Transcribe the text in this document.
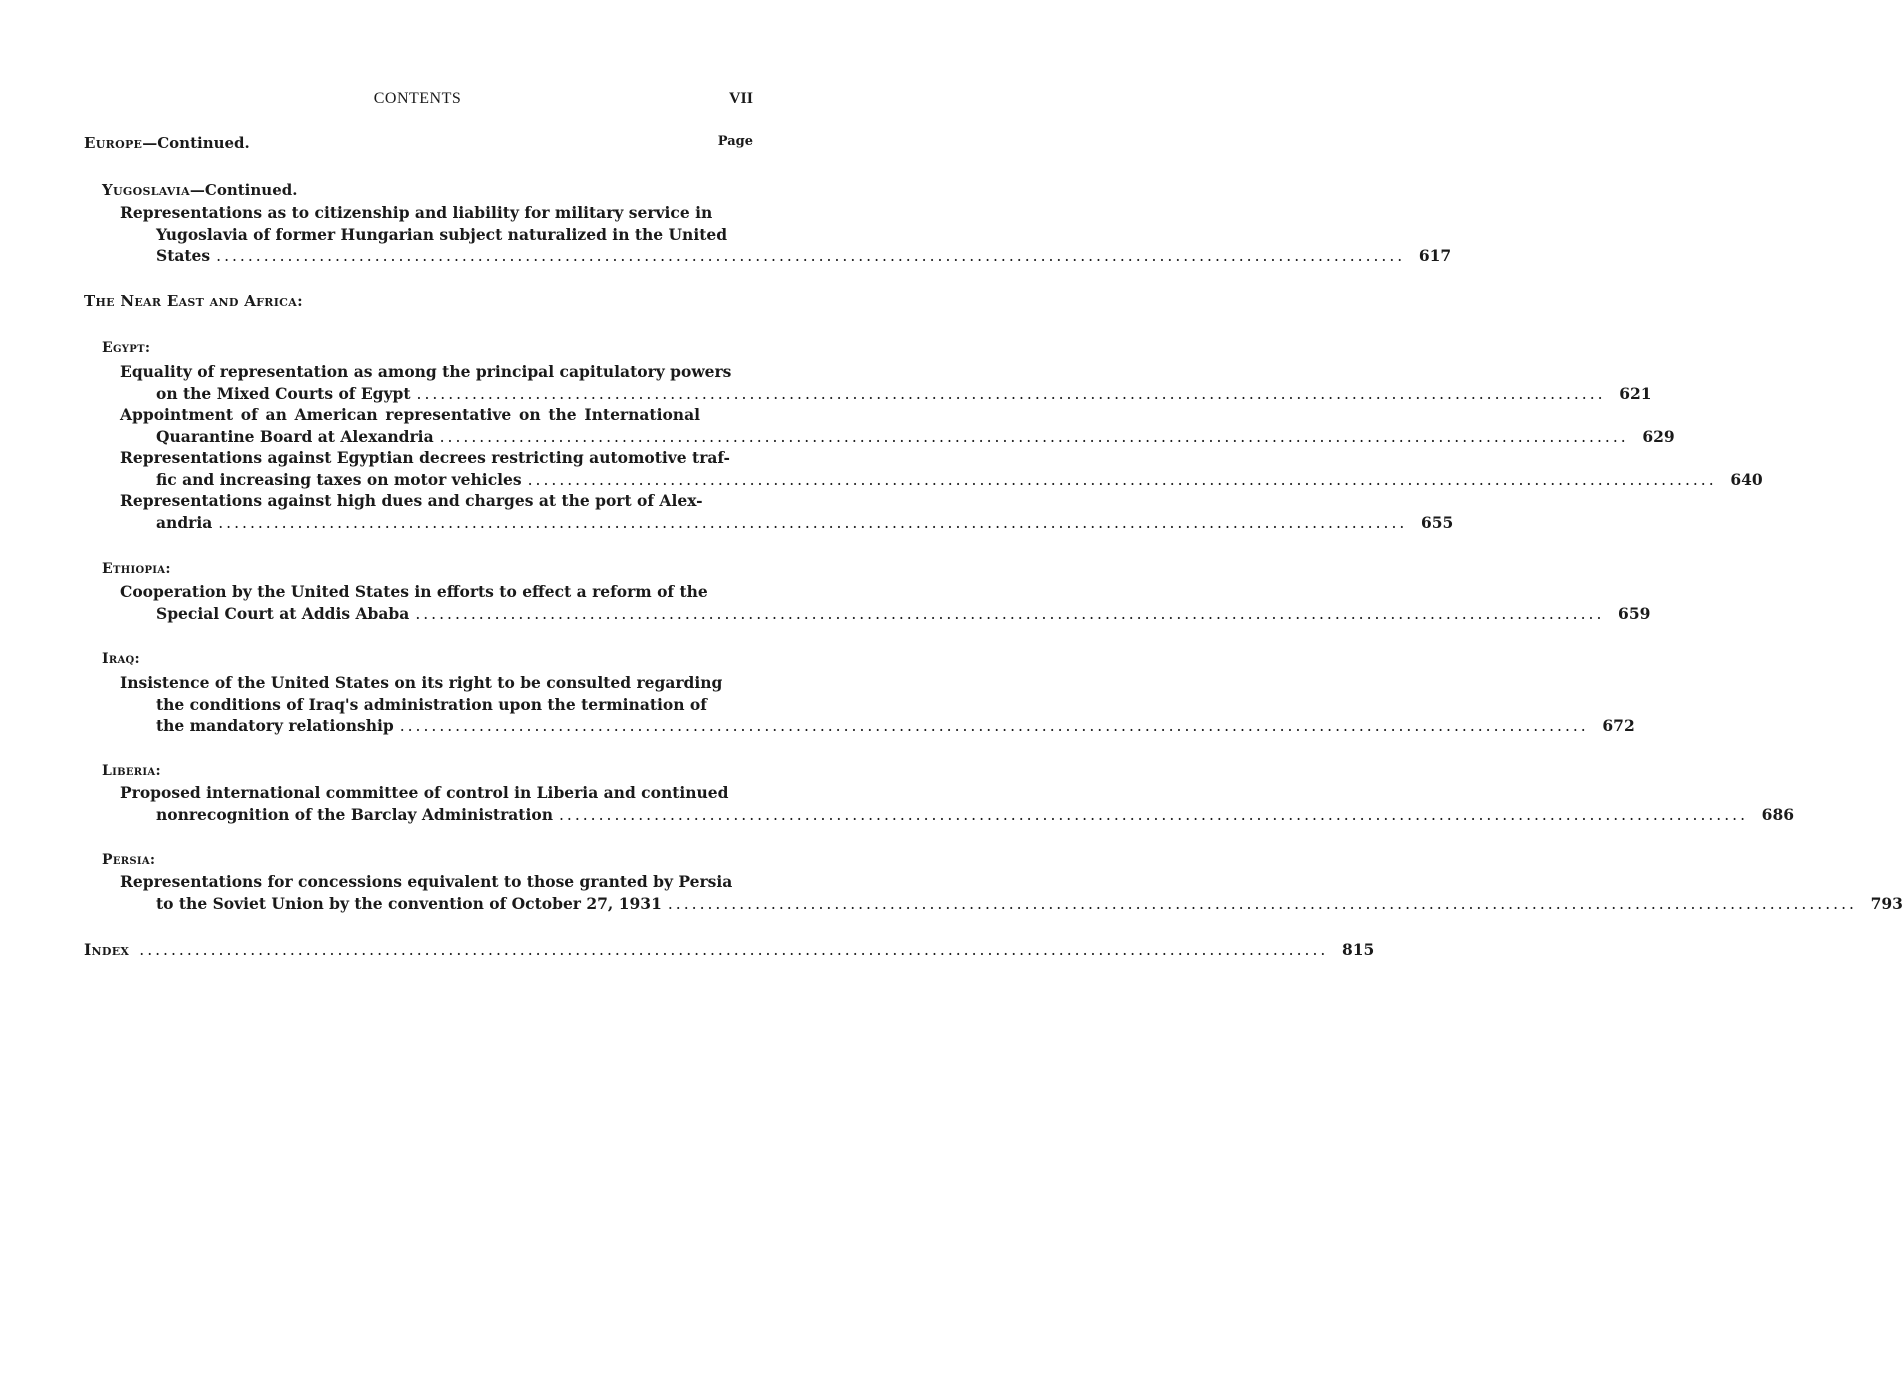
CONTENTS	VII
Europe—Continued.	Page
Yugoslavia—Continued.
Representations as to citizenship and liability for military service in
Yugoslavia of former Hungarian subject naturalized in the United
States ...................................................................................................................................................... 617
The Near East and Africa:
Egypt:
Equality of representation as among the principal capitulatory powers
on the Mixed Courts of Egypt ...................................................................................................................................................... 621
Appointment of an American representative on the International
Quarantine Board at Alexandria ...................................................................................................................................................... 629
Representations against Egyptian decrees restricting automotive traf-
fic and increasing taxes on motor vehicles ...................................................................................................................................................... 640
Representations against high dues and charges at the port of Alex-
andria ...................................................................................................................................................... 655
Ethiopia:
Cooperation by the United States in efforts to effect a reform of the
Special Court at Addis Ababa ...................................................................................................................................................... 659
Iraq:
Insistence of the United States on its right to be consulted regarding
the conditions of Iraq's administration upon the termination of
the mandatory relationship ...................................................................................................................................................... 672
Liberia:
Proposed international committee of control in Liberia and continued
nonrecognition of the Barclay Administration ...................................................................................................................................................... 686
Persia:
Representations for concessions equivalent to those granted by Persia
to the Soviet Union by the convention of October 27, 1931 ...................................................................................................................................................... 793
Index ...................................................................................................................................................... 815
